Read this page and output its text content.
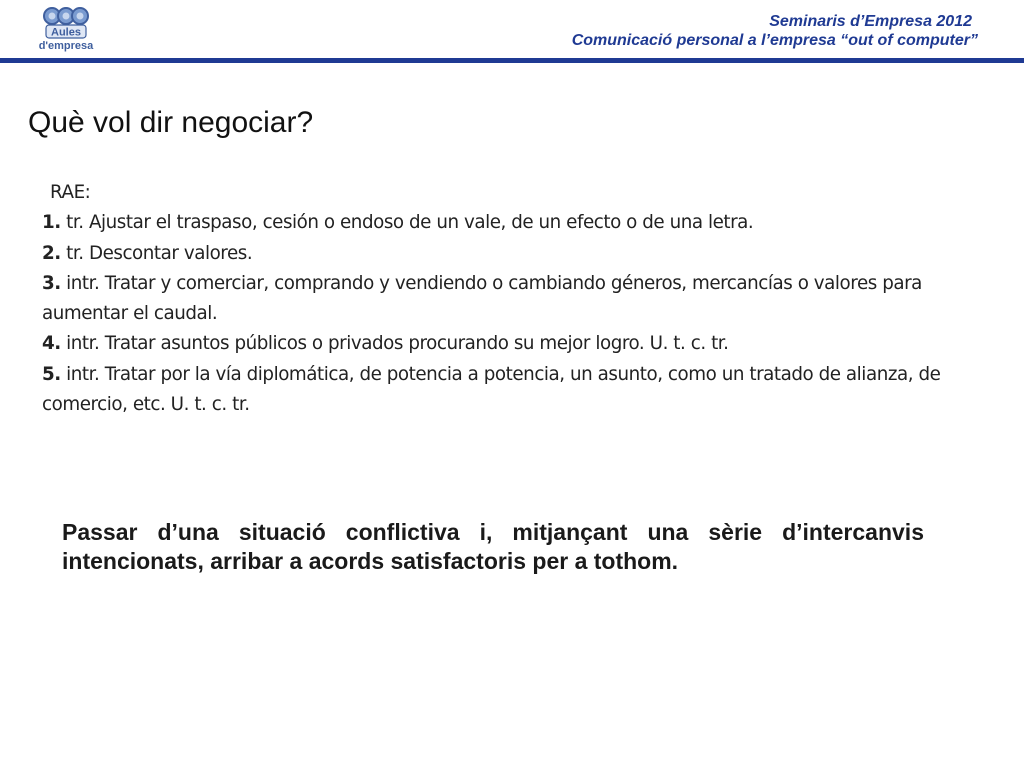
Aules
d'empresa
Seminaris d’Empresa 2012
Comunicació personal a l’empresa “out of computer”
Què vol dir negociar?
RAE:
1. tr. Ajustar el traspaso, cesión o endoso de un vale, de un efecto o de una letra.
2. tr. Descontar valores.
3. intr. Tratar y comerciar, comprando y vendiendo o cambiando géneros, mercancías o valores para aumentar el caudal.
4. intr. Tratar asuntos públicos o privados procurando su mejor logro. U. t. c. tr.
5. intr. Tratar por la vía diplomática, de potencia a potencia, un asunto, como un tratado de alianza, de comercio, etc. U. t. c. tr.

Passar d’una situació conflictiva i, mitjançant una sèrie d’intercanvis intencionats, arribar a acords satisfactoris per a tothom.
